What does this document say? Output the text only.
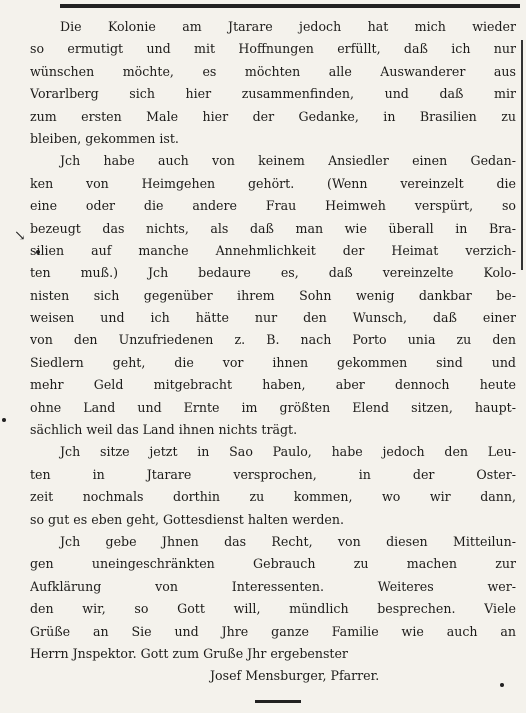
↘
Die Kolonie am Jtarare jedoch hat mich wieder
so ermutigt und mit Hoffnungen erfüllt, daß ich nur
wünschen möchte, es möchten alle Auswanderer aus
Vorarlberg sich hier zusammenfinden, und daß mir
zum ersten Male hier der Gedanke, in Brasilien zu
bleiben, gekommen ist.
Jch habe auch von keinem Ansiedler einen Gedan-
ken von Heimgehen gehört. (Wenn vereinzelt die
eine oder die andere Frau Heimweh verspürt, so
bezeugt das nichts, als daß man wie überall in Bra-
silien auf manche Annehmlichkeit der Heimat verzich-
ten muß.) Jch bedaure es, daß vereinzelte Kolo-
nisten sich gegenüber ihrem Sohn wenig dankbar be-
weisen und ich hätte nur den Wunsch, daß einer
von den Unzufriedenen z. B. nach Porto unia zu den
Siedlern geht, die vor ihnen gekommen sind und
mehr Geld mitgebracht haben, aber dennoch heute
ohne Land und Ernte im größten Elend sitzen, haupt-
sächlich weil das Land ihnen nichts trägt.
Jch sitze jetzt in Sao Paulo, habe jedoch den Leu-
ten in Jtarare versprochen, in der Oster-
zeit nochmals dorthin zu kommen, wo wir dann,
so gut es eben geht, Gottesdienst halten werden.
Jch gebe Jhnen das Recht, von diesen Mitteilun-
gen uneingeschränkten Gebrauch zu machen zur
Aufklärung von Interessenten. Weiteres wer-
den wir, so Gott will, mündlich besprechen. Viele
Grüße an Sie und Jhre ganze Familie wie auch an
Herrn Jnspektor. Gott zum Gruße Jhr ergebenster
Josef Mensburger, Pfarrer.
